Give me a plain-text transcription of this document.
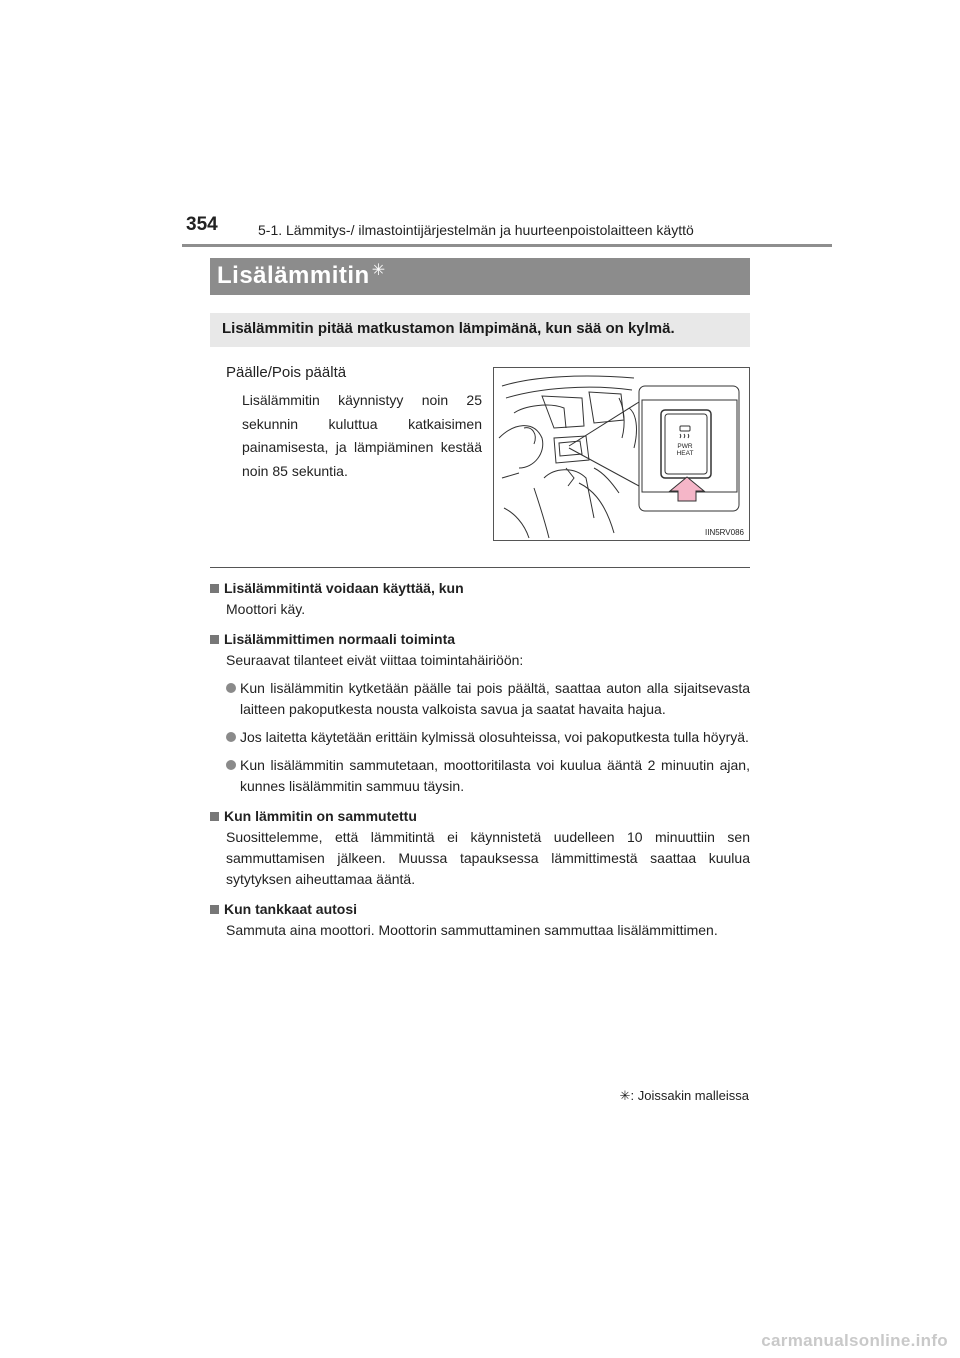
354	5-1. Lämmitys-/ ilmastointijärjestelmän ja huurteenpoistolaitteen käyttö
Lisälämmitin ✳
Lisälämmitin pitää matkustamon lämpimänä, kun sää on kylmä.
Päälle/Pois päältä
Lisälämmitin käynnistyy noin 25 sekunnin kuluttua katkaisimen painamisesta, ja lämpiäminen kestää noin 85 sekuntia.
PWR
HEAT
IIN5RV086
Lisälämmitintä voidaan käyttää, kun
Moottori käy.
Lisälämmittimen normaali toiminta
Seuraavat tilanteet eivät viittaa toimintahäiriöön:
Kun lisälämmitin kytketään päälle tai pois päältä, saattaa auton alla sijaitsevasta laitteen pakoputkesta nousta valkoista savua ja saatat havaita hajua.
Jos laitetta käytetään erittäin kylmissä olosuhteissa, voi pakoputkesta tulla höyryä.
Kun lisälämmitin sammutetaan, moottoritilasta voi kuulua ääntä 2 minuutin ajan, kunnes lisälämmitin sammuu täysin.
Kun lämmitin on sammutettu
Suosittelemme, että lämmitintä ei käynnistetä uudelleen 10 minuuttiin sen sammuttamisen jälkeen. Muussa tapauksessa lämmittimestä saattaa kuulua sytytyksen aiheuttamaa ääntä.
Kun tankkaat autosi
Sammuta aina moottori. Moottorin sammuttaminen sammuttaa lisälämmittimen.
✳: Joissakin malleissa
carmanualsonline.info
